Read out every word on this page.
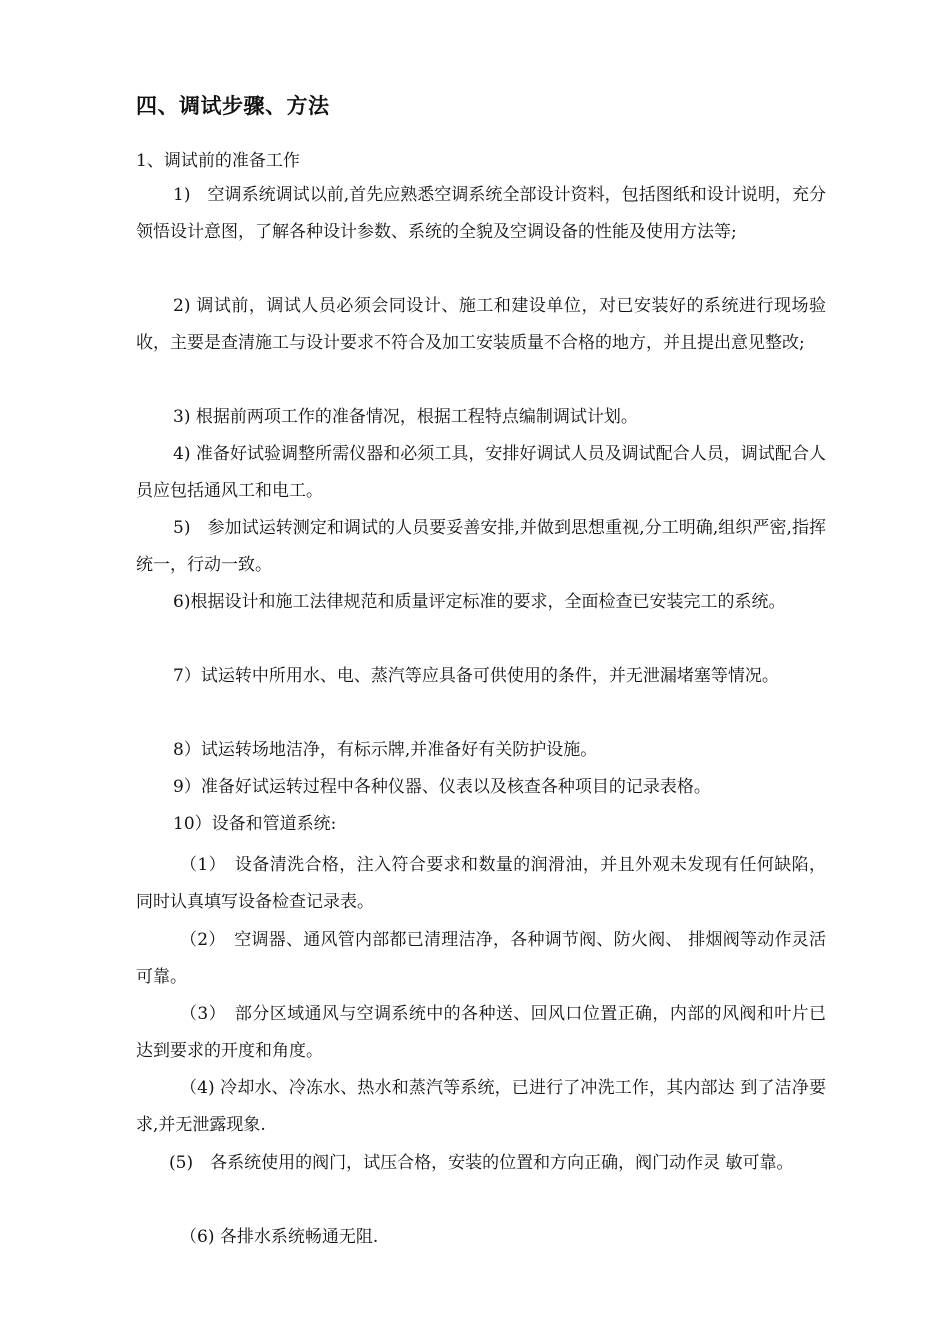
四、调试步骤、方法
1、调试前的准备工作

1)　空调系统调试以前,首先应熟悉空调系统全部设计资料，包括图纸和设计说明，充分领悟设计意图，了解各种设计参数、系统的全貌及空调设备的性能及使用方法等;

2) 调试前，调试人员必须会同设计、施工和建设单位，对已安装好的系统进行现场验收，主要是查清施工与设计要求不符合及加工安装质量不合格的地方，并且提出意见整改;

3) 根据前两项工作的准备情况，根据工程特点编制调试计划。

4) 准备好试验调整所需仪器和必须工具，安排好调试人员及调试配合人员，调试配合人员应包括通风工和电工。

5)　参加试运转测定和调试的人员要妥善安排,并做到思想重视,分工明确,组织严密,指挥统一，行动一致。

6)根据设计和施工法律规范和质量评定标准的要求，全面检查已安装完工的系统。

7）试运转中所用水、电、蒸汽等应具备可供使用的条件，并无泄漏堵塞等情况。

8）试运转场地洁净，有标示牌,并准备好有关防护设施。

9）准备好试运转过程中各种仪器、仪表以及核查各种项目的记录表格。

10）设备和管道系统:

（1）　设备清洗合格，注入符合要求和数量的润滑油，并且外观未发现有任何缺陷，同时认真填写设备检查记录表。

（2）　空调器、通风管内部都已清理洁净，各种调节阀、防火阀、 排烟阀等动作灵活可靠。

（3）　部分区域通风与空调系统中的各种送、回风口位置正确，内部的风阀和叶片已 达到要求的开度和角度。

（4) 冷却水、冷冻水、热水和蒸汽等系统，已进行了冲洗工作，其内部达 到了洁净要求,并无泄露现象.

(5)　各系统使用的阀门，试压合格，安装的位置和方向正确，阀门动作灵 敏可靠。

（6) 各排水系统畅通无阻.
